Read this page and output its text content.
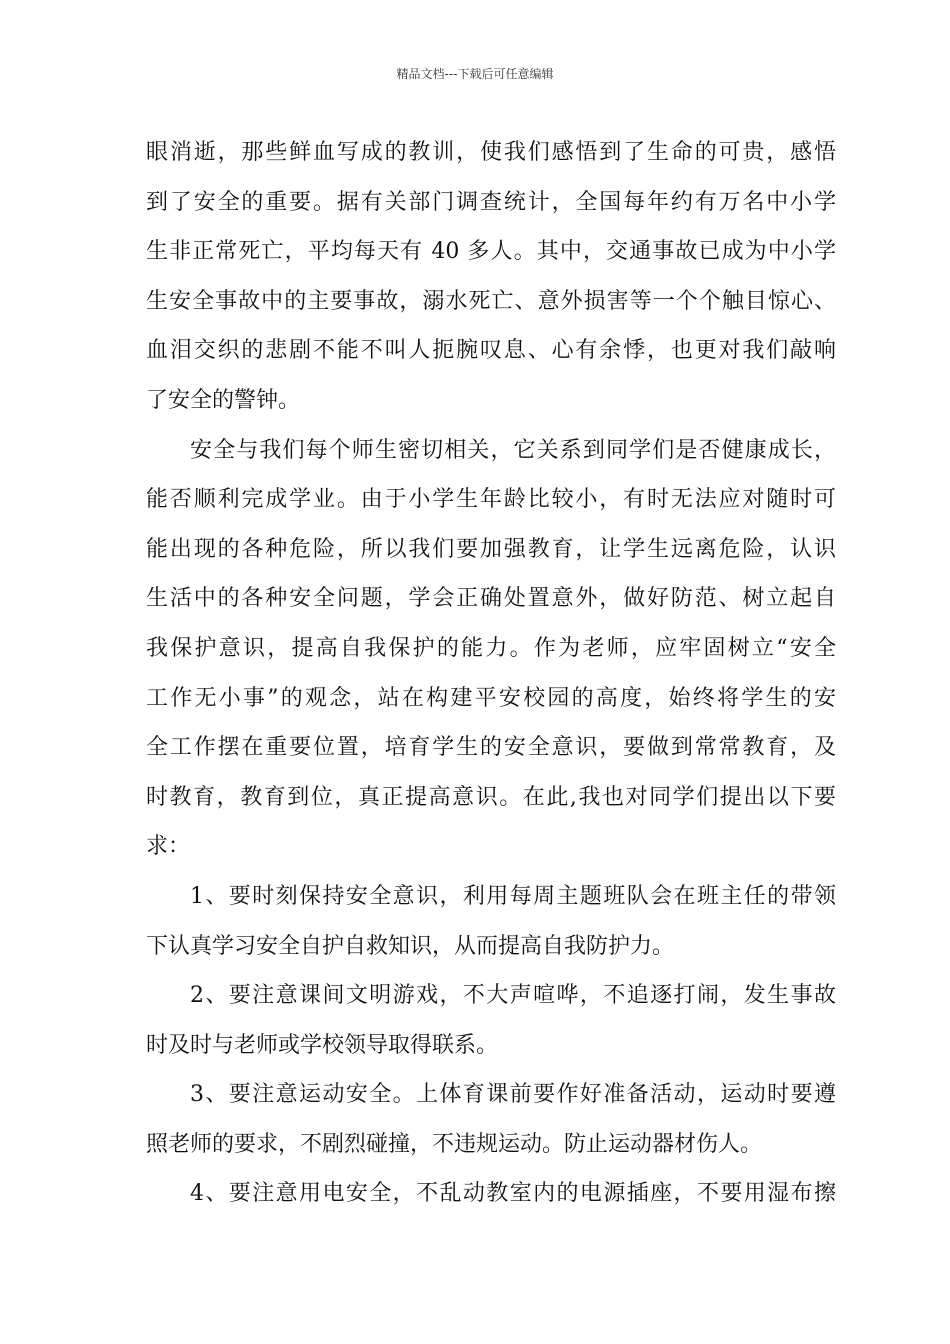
精品文档---下载后可任意编辑
眼消逝，那些鲜血写成的教训，使我们感悟到了生命的可贵，感悟
到了安全的重要。据有关部门调查统计，全国每年约有万名中小学
生非正常死亡，平均每天有 40 多人。其中，交通事故已成为中小学
生安全事故中的主要事故，溺水死亡、意外损害等一个个触目惊心、
血泪交织的悲剧不能不叫人扼腕叹息、心有余悸，也更对我们敲响
了安全的警钟。
安全与我们每个师生密切相关，它关系到同学们是否健康成长，
能否顺利完成学业。由于小学生年龄比较小，有时无法应对随时可
能出现的各种危险，所以我们要加强教育，让学生远离危险，认识
生活中的各种安全问题，学会正确处置意外，做好防范、树立起自
我保护意识，提高自我保护的能力。作为老师，应牢固树立“安全
工作无小事”的观念，站在构建平安校园的高度，始终将学生的安
全工作摆在重要位置，培育学生的安全意识，要做到常常教育，及
时教育，教育到位，真正提高意识。在此,我也对同学们提出以下要
求：
1、要时刻保持安全意识，利用每周主题班队会在班主任的带领
下认真学习安全自护自救知识，从而提高自我防护力。
2、要注意课间文明游戏，不大声喧哗，不追逐打闹，发生事故
时及时与老师或学校领导取得联系。
3、要注意运动安全。上体育课前要作好准备活动，运动时要遵
照老师的要求，不剧烈碰撞，不违规运动。防止运动器材伤人。
4、要注意用电安全，不乱动教室内的电源插座，不要用湿布擦
